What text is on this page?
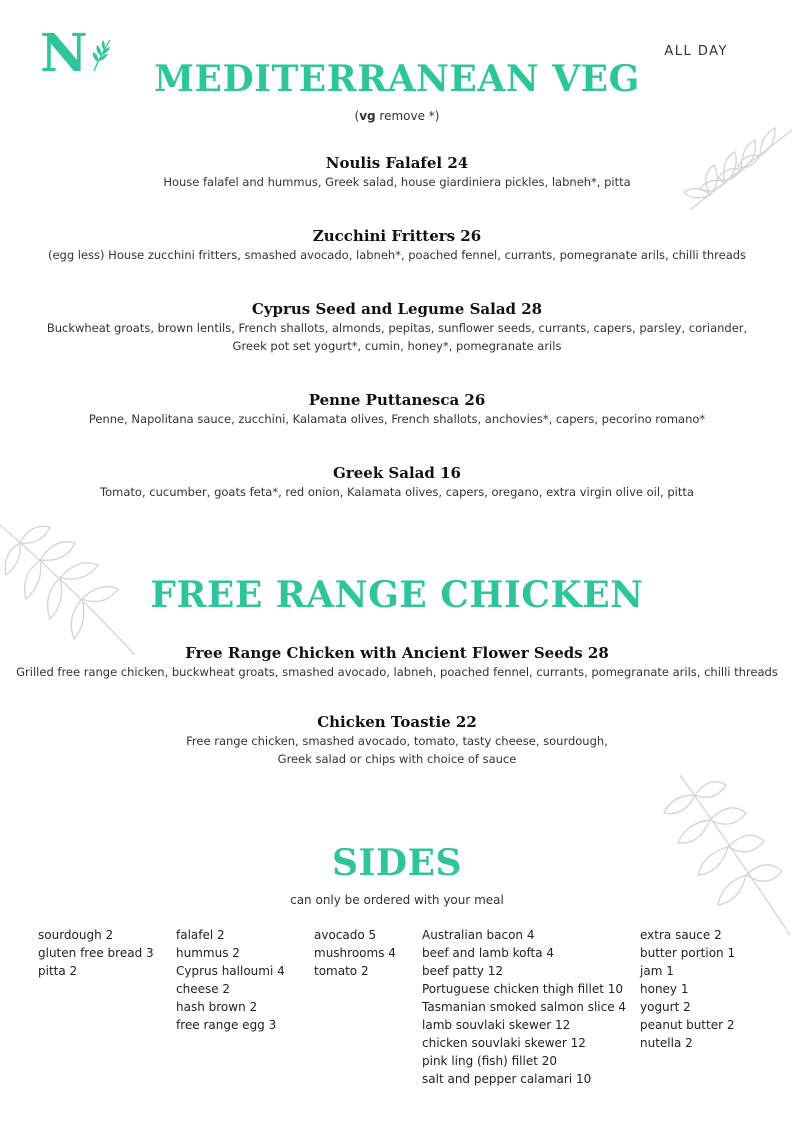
N	ALL DAY
MEDITERRANEAN VEG
(vg remove *)
Noulis Falafel 24
House falafel and hummus, Greek salad, house giardiniera pickles, labneh*, pitta
Zucchini Fritters 26
(egg less) House zucchini fritters, smashed avocado, labneh*, poached fennel, currants, pomegranate arils, chilli threads
Cyprus Seed and Legume Salad 28
Buckwheat groats, brown lentils, French shallots, almonds, pepitas, sunflower seeds, currants, capers, parsley, coriander,
Greek pot set yogurt*, cumin, honey*, pomegranate arils
Penne Puttanesca 26
Penne, Napolitana sauce, zucchini, Kalamata olives, French shallots, anchovies*, capers, pecorino romano*
Greek Salad 16
Tomato, cucumber, goats feta*, red onion, Kalamata olives, capers, oregano, extra virgin olive oil, pitta
FREE RANGE CHICKEN
Free Range Chicken with Ancient Flower Seeds 28
Grilled free range chicken, buckwheat groats, smashed avocado, labneh, poached fennel, currants, pomegranate arils, chilli threads
Chicken Toastie 22
Free range chicken, smashed avocado, tomato, tasty cheese, sourdough,
Greek salad or chips with choice of sauce
SIDES
can only be ordered with your meal
sourdough 2
gluten free bread 3
pitta 2
falafel 2
hummus 2
Cyprus halloumi 4
cheese 2
hash brown 2
free range egg 3
avocado 5
mushrooms 4
tomato 2
Australian bacon 4
beef and lamb kofta 4
beef patty 12
Portuguese chicken thigh fillet 10
Tasmanian smoked salmon slice 4
lamb souvlaki skewer 12
chicken souvlaki skewer 12
pink ling (fish) fillet 20
salt and pepper calamari 10
extra sauce 2
butter portion 1
jam 1
honey 1
yogurt 2
peanut butter 2
nutella 2
